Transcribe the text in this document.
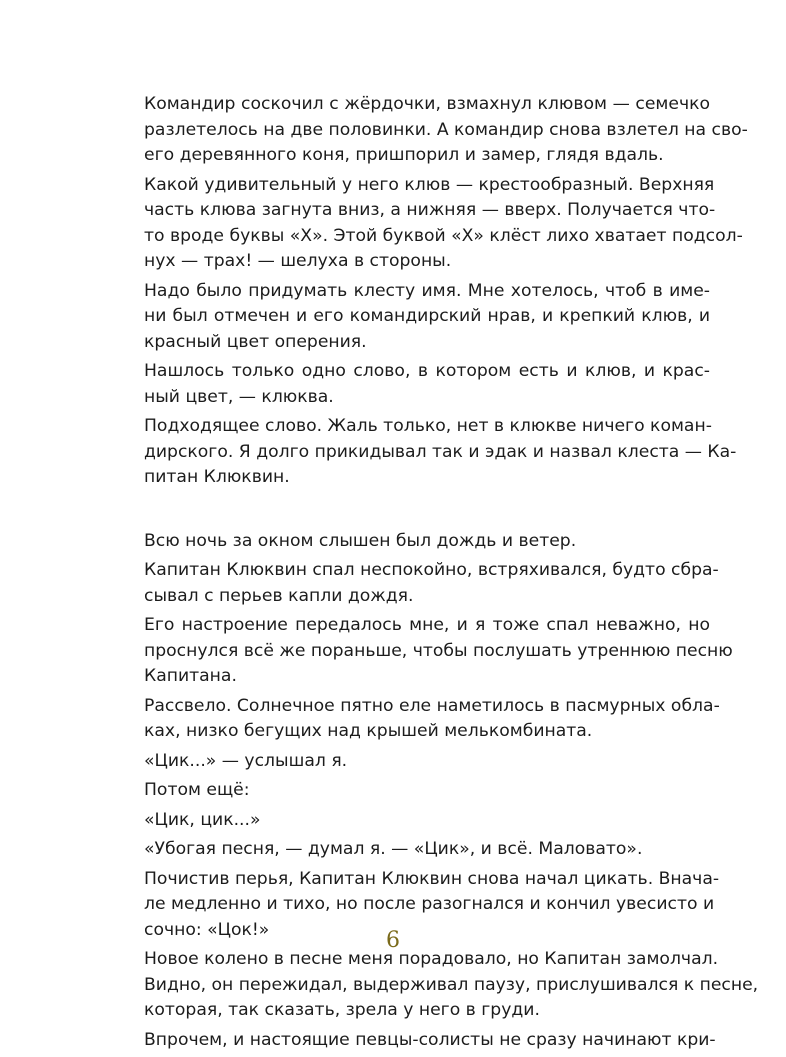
Командир соскочил с жёрдочки, взмахнул клювом — семечко
разлетелось на две половинки. А командир снова взлетел на сво-
его деревянного коня, пришпорил и замер, глядя вдаль.
Какой удивительный у него клюв — крестообразный. Верхняя
часть клюва загнута вниз, а нижняя — вверх. Получается что-
то вроде буквы «Х». Этой буквой «Х» клёст лихо хватает подсол-
нух — трах! — шелуха в стороны.
Надо было придумать клесту имя. Мне хотелось, чтоб в име-
ни был отмечен и его командирский нрав, и крепкий клюв, и
красный цвет оперения.
Нашлось только одно слово, в котором есть и клюв, и крас-
ный цвет, — клюква.
Подходящее слово. Жаль только, нет в клюкве ничего коман-
дирского. Я долго прикидывал так и эдак и назвал клеста — Ка-
питан Клюквин.
Всю ночь за окном слышен был дождь и ветер.
Капитан Клюквин спал неспокойно, встряхивался, будто сбра-
сывал с перьев капли дождя.
Его настроение передалось мне, и я тоже спал неважно, но
проснулся всё же пораньше, чтобы послушать утреннюю песню
Капитана.
Рассвело. Солнечное пятно еле наметилось в пасмурных обла-
ках, низко бегущих над крышей мелькомбината.
«Цик...» — услышал я.
Потом ещё:
«Цик, цик...»
«Убогая песня, — думал я. — «Цик», и всё. Маловато».
Почистив перья, Капитан Клюквин снова начал цикать. Внача-
ле медленно и тихо, но после разогнался и кончил увесисто и
сочно: «Цок!»
Новое колено в песне меня порадовало, но Капитан замолчал.
Видно, он пережидал, выдерживал паузу, прислушивался к песне,
которая, так сказать, зрела у него в груди.
Впрочем, и настоящие певцы-солисты не сразу начинают кри-
6
